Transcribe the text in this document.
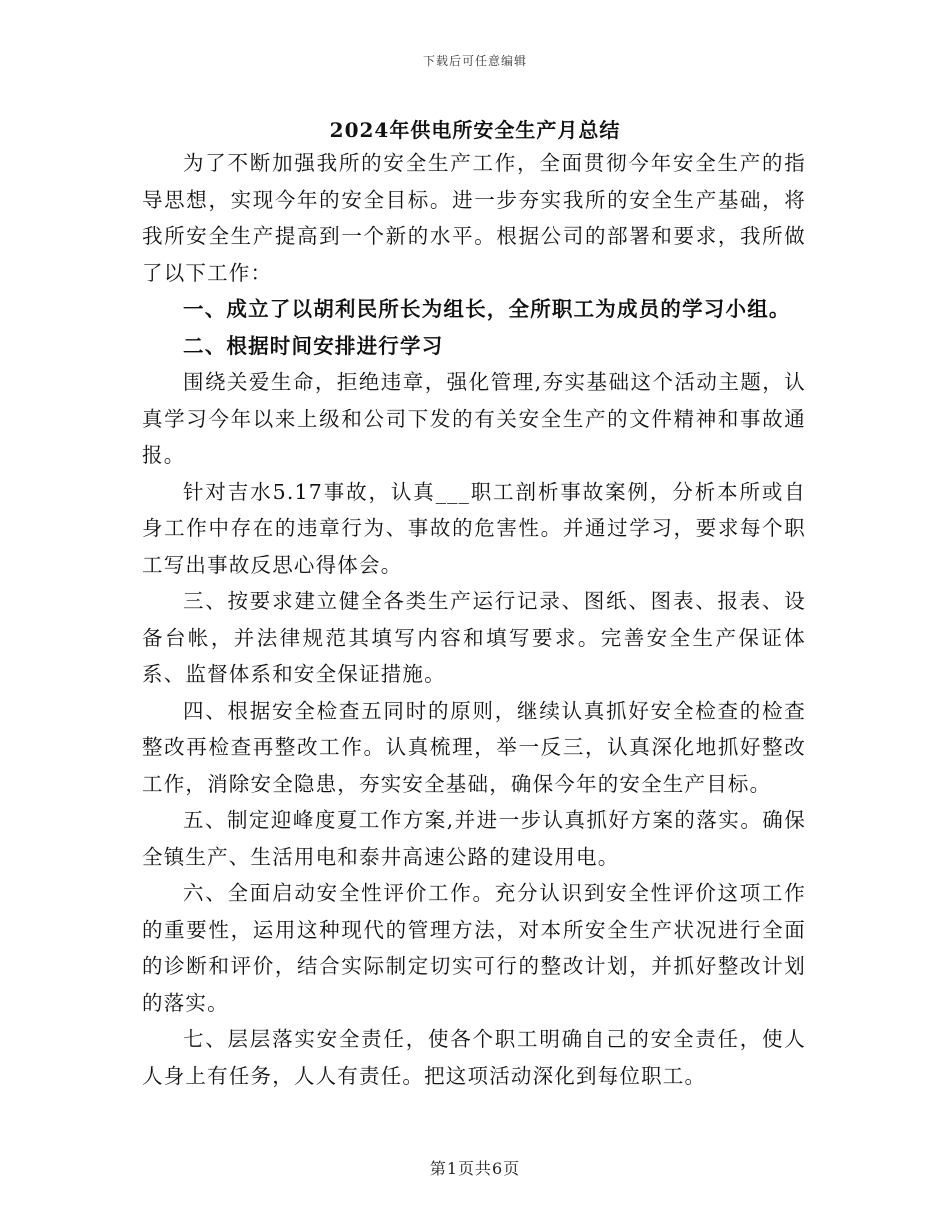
下载后可任意编辑
2024年供电所安全生产月总结

为了不断加强我所的安全生产工作，全面贯彻今年安全生产的指导思想，实现今年的安全目标。进一步夯实我所的安全生产基础，将我所安全生产提高到一个新的水平。根据公司的部署和要求，我所做了以下工作：

一、成立了以胡利民所长为组长，全所职工为成员的学习小组。

二、根据时间安排进行学习

围绕关爱生命，拒绝违章，强化管理,夯实基础这个活动主题，认真学习今年以来上级和公司下发的有关安全生产的文件精神和事故通报。

针对吉水5.17事故，认真___职工剖析事故案例，分析本所或自身工作中存在的违章行为、事故的危害性。并通过学习，要求每个职工写出事故反思心得体会。

三、按要求建立健全各类生产运行记录、图纸、图表、报表、设备台帐，并法律规范其填写内容和填写要求。完善安全生产保证体系、监督体系和安全保证措施。

四、根据安全检查五同时的原则，继续认真抓好安全检查的检查整改再检查再整改工作。认真梳理，举一反三，认真深化地抓好整改工作，消除安全隐患，夯实安全基础，确保今年的安全生产目标。

五、制定迎峰度夏工作方案,并进一步认真抓好方案的落实。确保全镇生产、生活用电和泰井高速公路的建设用电。

六、全面启动安全性评价工作。充分认识到安全性评价这项工作的重要性，运用这种现代的管理方法，对本所安全生产状况进行全面的诊断和评价，结合实际制定切实可行的整改计划，并抓好整改计划的落实。

七、层层落实安全责任，使各个职工明确自己的安全责任，使人人身上有任务，人人有责任。把这项活动深化到每位职工。

第1页共6页
